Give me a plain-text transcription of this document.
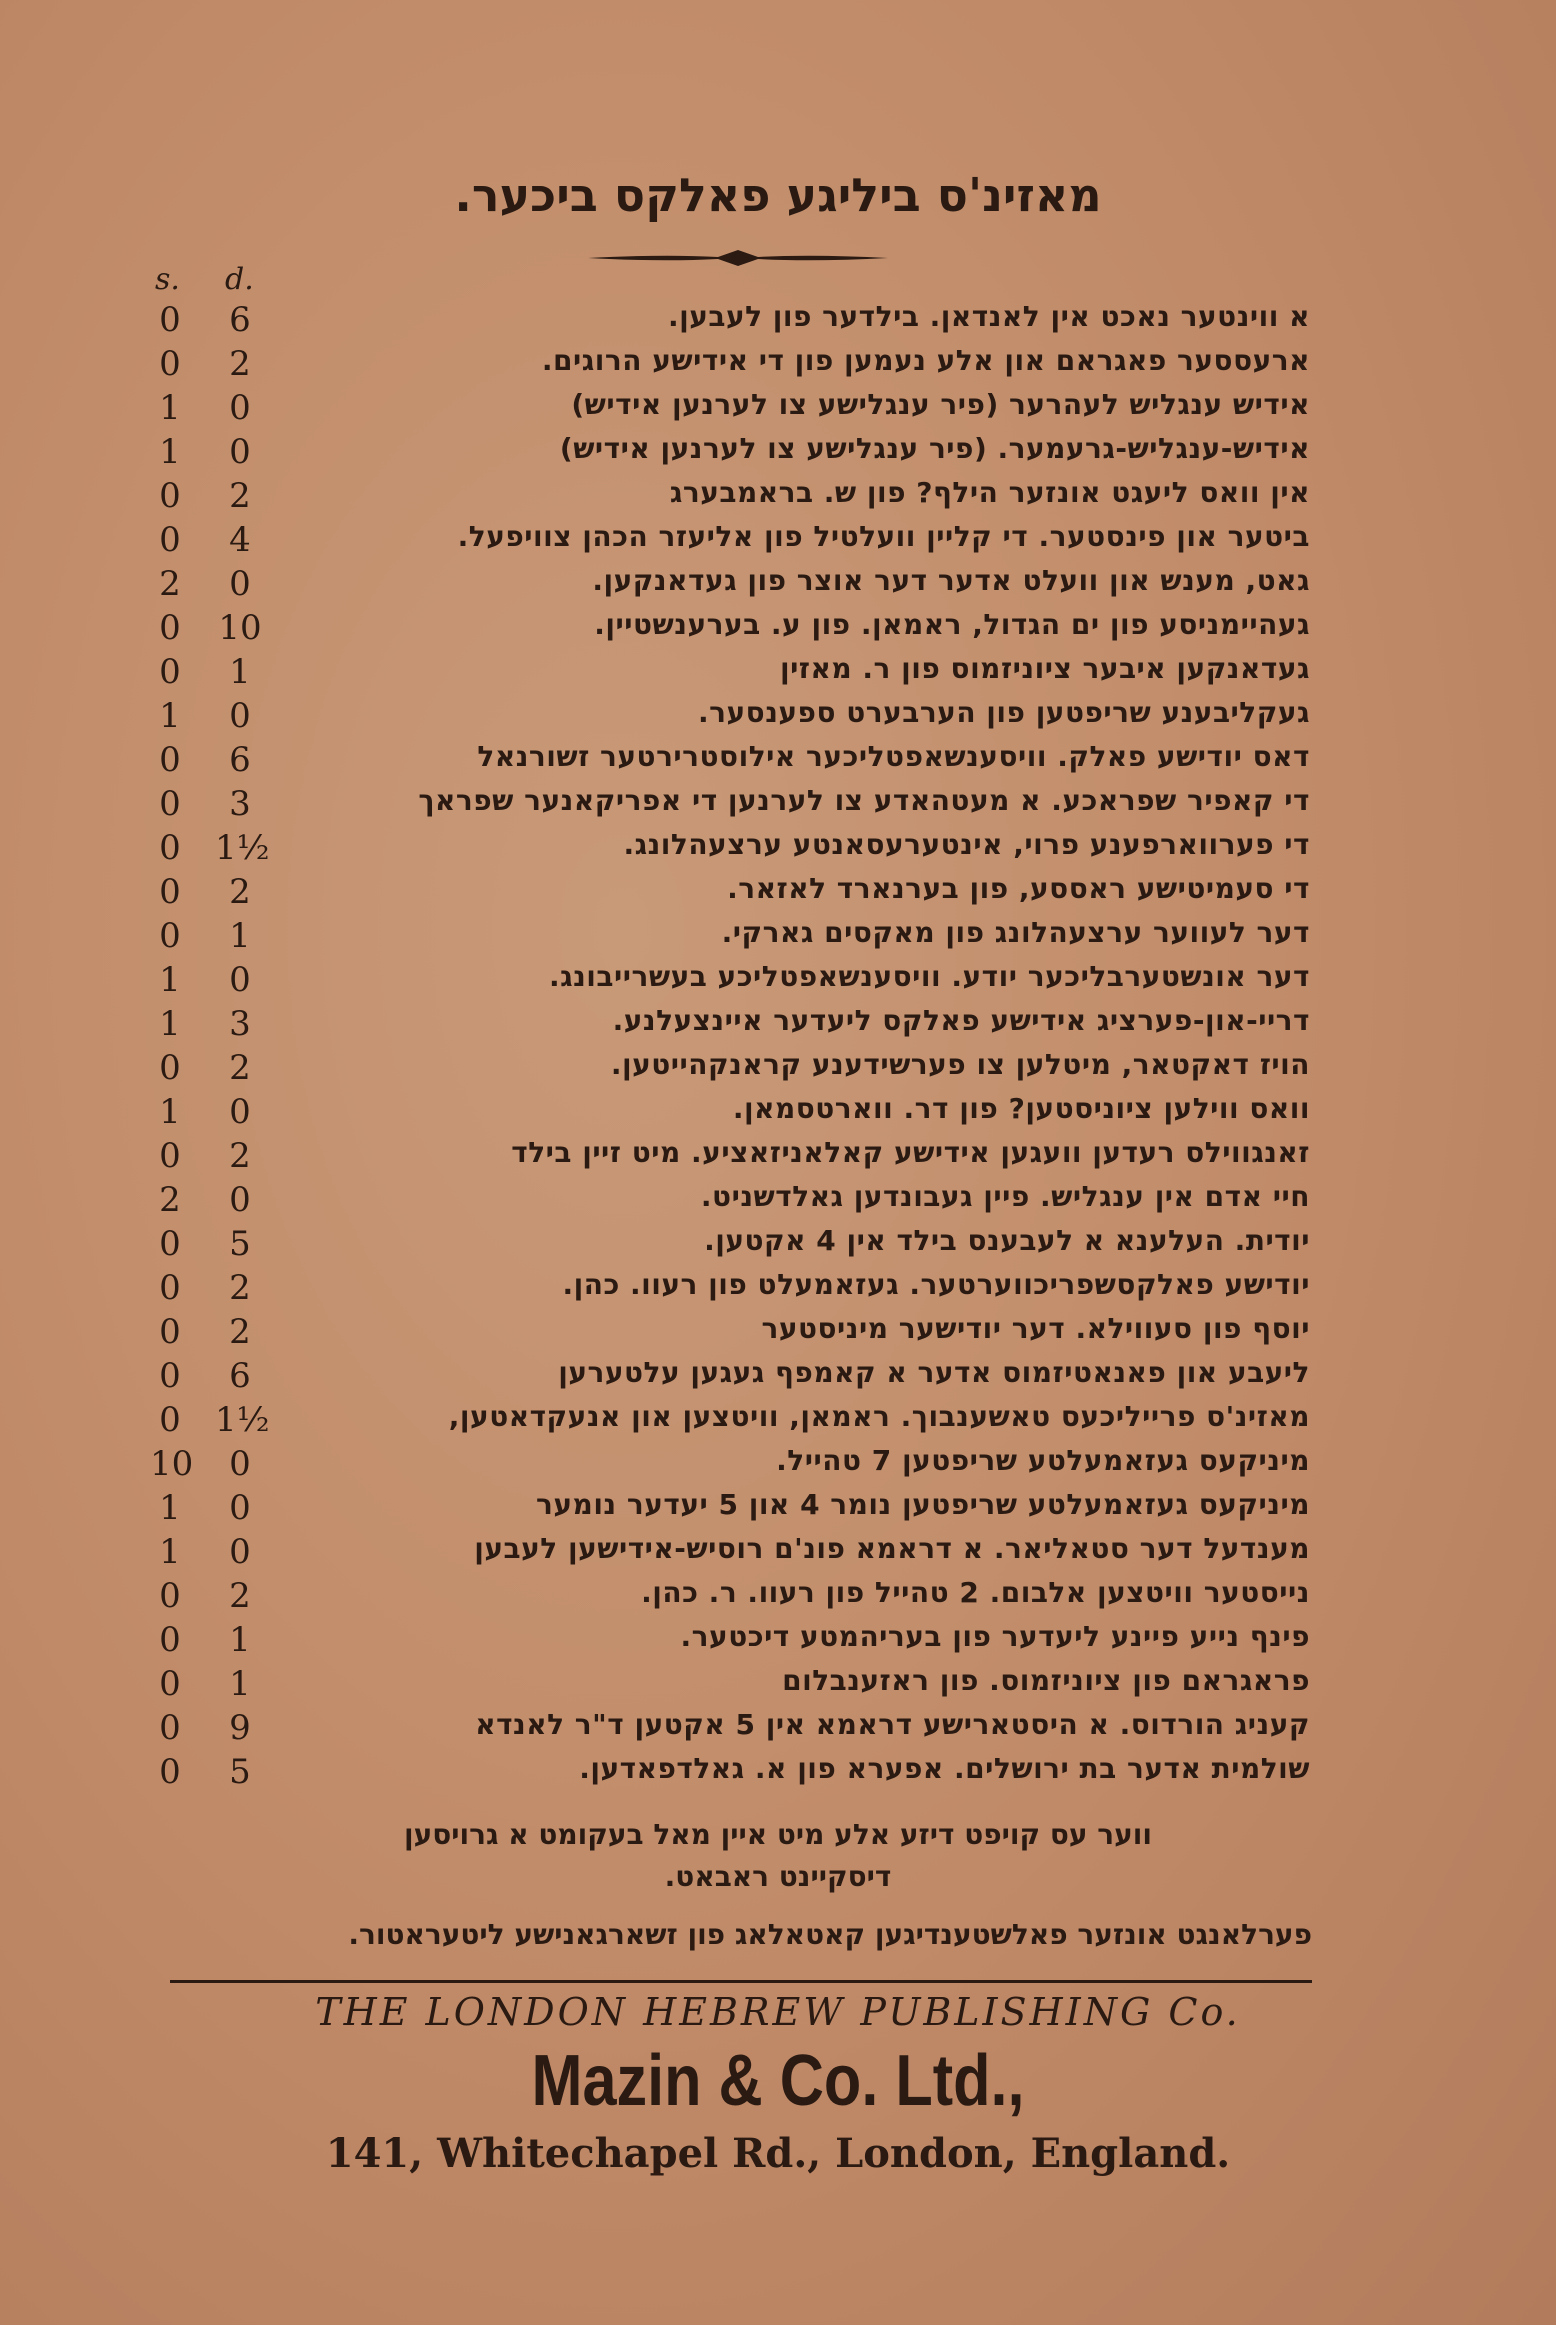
מאזינ'ס ביליגע פאלקס ביכער.
s. d.
0	6	א ווינטער נאכט אין לאנדאן. בילדער פון לעבען.
0	2	ארעססער פאגראם און אלע נעמען פון די אידישע הרוגים.
1	0	אידיש ענגליש לעהרער (פיר ענגלישע צו לערנען אידיש)
1	0	אידיש-ענגליש-גרעמער. (פיר ענגלישע צו לערנען אידיש)
0	2	אין וואס ליעגט אונזער הילף? פון ש. בראמבערג
0	4	ביטער און פינסטער. די קליין וועלטיל פון אליעזר הכהן צוויפעל.
2	0	גאט, מענש און וועלט אדער דער אוצר פון געדאנקען.
0 10	געהיימניסע פון ים הגדול, ראמאן. פון ע. בערענשטיין.
0	1	געדאנקען איבער ציוניזמוס פון ר. מאזין
1	0	געקליבענע שריפטען פון הערבערט ספענסער.
0	6	דאס יודישע פאלק. וויסענשאפטליכער אילוסטרירטער זשורנאל
0	3	די קאפיר שפראכע. א מעטהאדע צו לערנען די אפריקאנער שפראך
0 1½	די פערווארפענע פרוי, אינטערעסאנטע ערצעהלונג.
0	2	די סעמיטישע ראססע, פון בערנארד לאזאר.
0	1	דער לעווער ערצעהלונג פון מאקסים גארקי.
1	0	דער אונשטערבליכער יודע. וויסענשאפטליכע בעשרייבונג.
1	3	דריי-און-פערציג אידישע פאלקס ליעדער איינצעלנע.
0	2	הויז דאקטאר, מיטלען צו פערשידענע קראנקהייטען.
1	0	וואס ווילען ציוניסטען? פון דר. ווארטסמאן.
0	2	זאנגווילס רעדען וועגען אידישע קאלאניזאציע. מיט זיין בילד
2	0	חיי אדם אין ענגליש. פיין געבונדען גאלדשניט.
0	5	יודית. העלענא א לעבענס בילד אין 4 אקטען.
0	2	יודישע פאלקסשפריכווערטער. געזאמעלט פון רעוו. כהן.
0	2	יוסף פון סעווילא. דער יודישער מיניסטער
0	6	ליעבע און פאנאטיזמוס אדער א קאמפף געגען עלטערען
0 1½	מאזינ'ס פרייליכעס טאשענבוך. ראמאן, וויטצען און אנעקדאטען,
10	0	מיניקעס געזאמעלטע שריפטען 7 טהייל.
1	0	מיניקעס געזאמעלטע שריפטען נומר 4 און 5 יעדער נומער
1	0	מענדעל דער סטאליאר. א דראמא פונ'ם רוסיש-אידישען לעבען
0	2	נייסטער וויטצען אלבום. 2 טהייל פון רעוו. ר. כהן.
0	1	פינף נייע פיינע ליעדער פון בעריהמטע דיכטער.
0	1	פראגראם פון ציוניזמוס. פון ראזענבלום
0	9	קעניג הורדוס. א היסטארישע דראמא אין 5 אקטען ד"ר לאנדא
0	5	שולמית אדער בת ירושלים. אפערא פון א. גאלדפאדען.
ווער עס קויפט דיזע אלע מיט איין מאל בעקומט א גרויסען
דיסקיינט ראבאט.
פערלאנגט אונזער פאלשטענדיגען קאטאלאג פון זשארגאנישע ליטעראטור.
THE LONDON HEBREW PUBLISHING Co.
Mazin & Co. Ltd.,
141, Whitechapel Rd., London, England.
